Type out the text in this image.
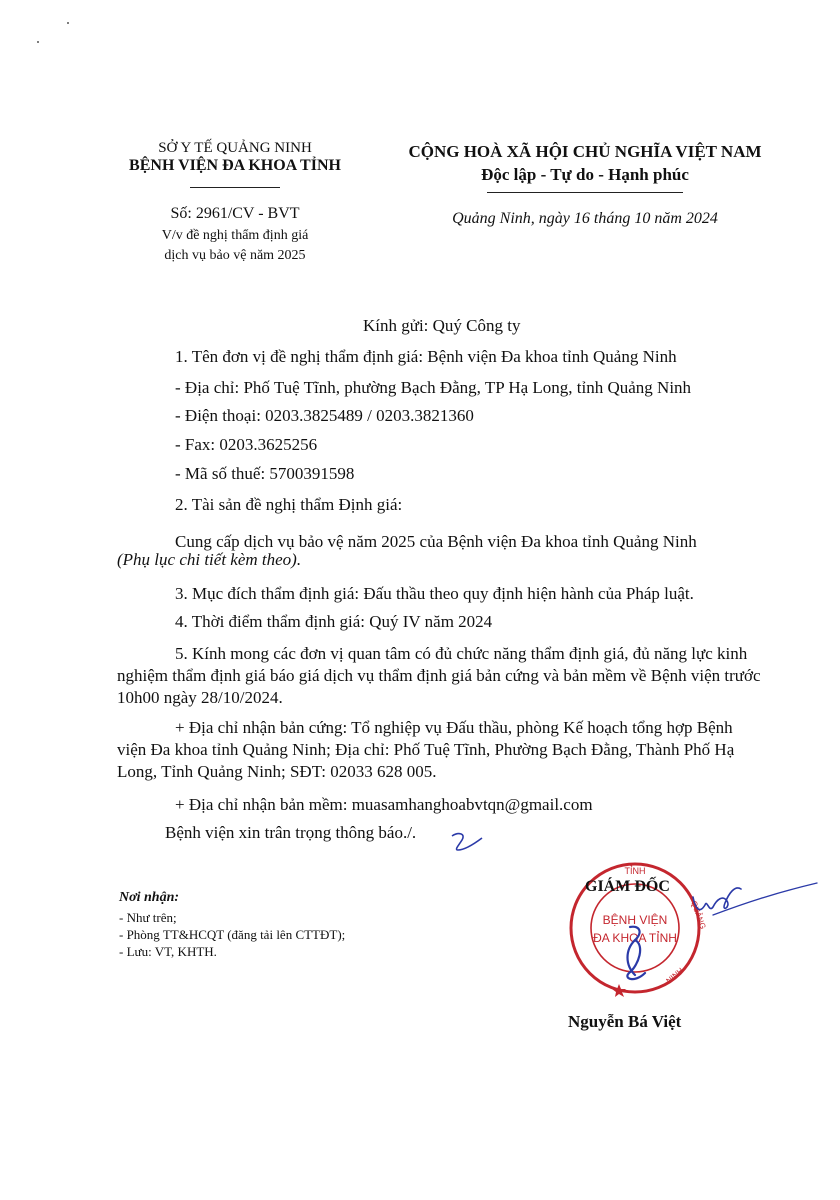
SỞ Y TẾ QUẢNG NINH
BỆNH VIỆN ĐA KHOA TỈNH
Số: 2961/CV - BVT
V/v đề nghị thẩm định giá
dịch vụ bảo vệ năm 2025
CỘNG HOÀ XÃ HỘI CHỦ NGHĨA VIỆT NAM
Độc lập - Tự do - Hạnh phúc
Quảng Ninh, ngày 16 tháng 10 năm 2024
Kính gửi: Quý Công ty
1. Tên đơn vị đề nghị thẩm định giá: Bệnh viện Đa khoa tỉnh Quảng Ninh
- Địa chỉ: Phố Tuệ Tĩnh, phường Bạch Đằng, TP Hạ Long, tỉnh Quảng Ninh
- Điện thoại: 0203.3825489 / 0203.3821360
- Fax: 0203.3625256
- Mã số thuế: 5700391598
2. Tài sản đề nghị thẩm Định giá:
Cung cấp dịch vụ bảo vệ năm 2025 của Bệnh viện Đa khoa tỉnh Quảng Ninh
(Phụ lục chi tiết kèm theo).
3. Mục đích thẩm định giá: Đấu thầu theo quy định hiện hành của Pháp luật.
4. Thời điểm thẩm định giá: Quý IV năm 2024
5. Kính mong các đơn vị quan tâm có đủ chức năng thẩm định giá, đủ năng lực kinh nghiệm thẩm định giá báo giá dịch vụ thẩm định giá bản cứng và bản mềm về Bệnh viện trước 10h00 ngày 28/10/2024.
+ Địa chỉ nhận bản cứng: Tổ nghiệp vụ Đấu thầu, phòng Kế hoạch tổng hợp Bệnh viện Đa khoa tỉnh Quảng Ninh; Địa chỉ: Phố Tuệ Tĩnh, Phường Bạch Đằng, Thành Phố Hạ Long, Tỉnh Quảng Ninh; SĐT: 02033 628 005.
+ Địa chỉ nhận bản mềm: muasamhanghoabvtqn@gmail.com
Bệnh viện xin trân trọng thông báo./.
Nơi nhận:
- Như trên;
- Phòng TT&HCQT (đăng tải lên CTTĐT);
- Lưu: VT, KHTH.
GIÁM ĐỐC
TỈNH
QUẢNG
NINH
BỆNH VIỆN
ĐA KHOA TỈNH
Nguyễn Bá Việt
